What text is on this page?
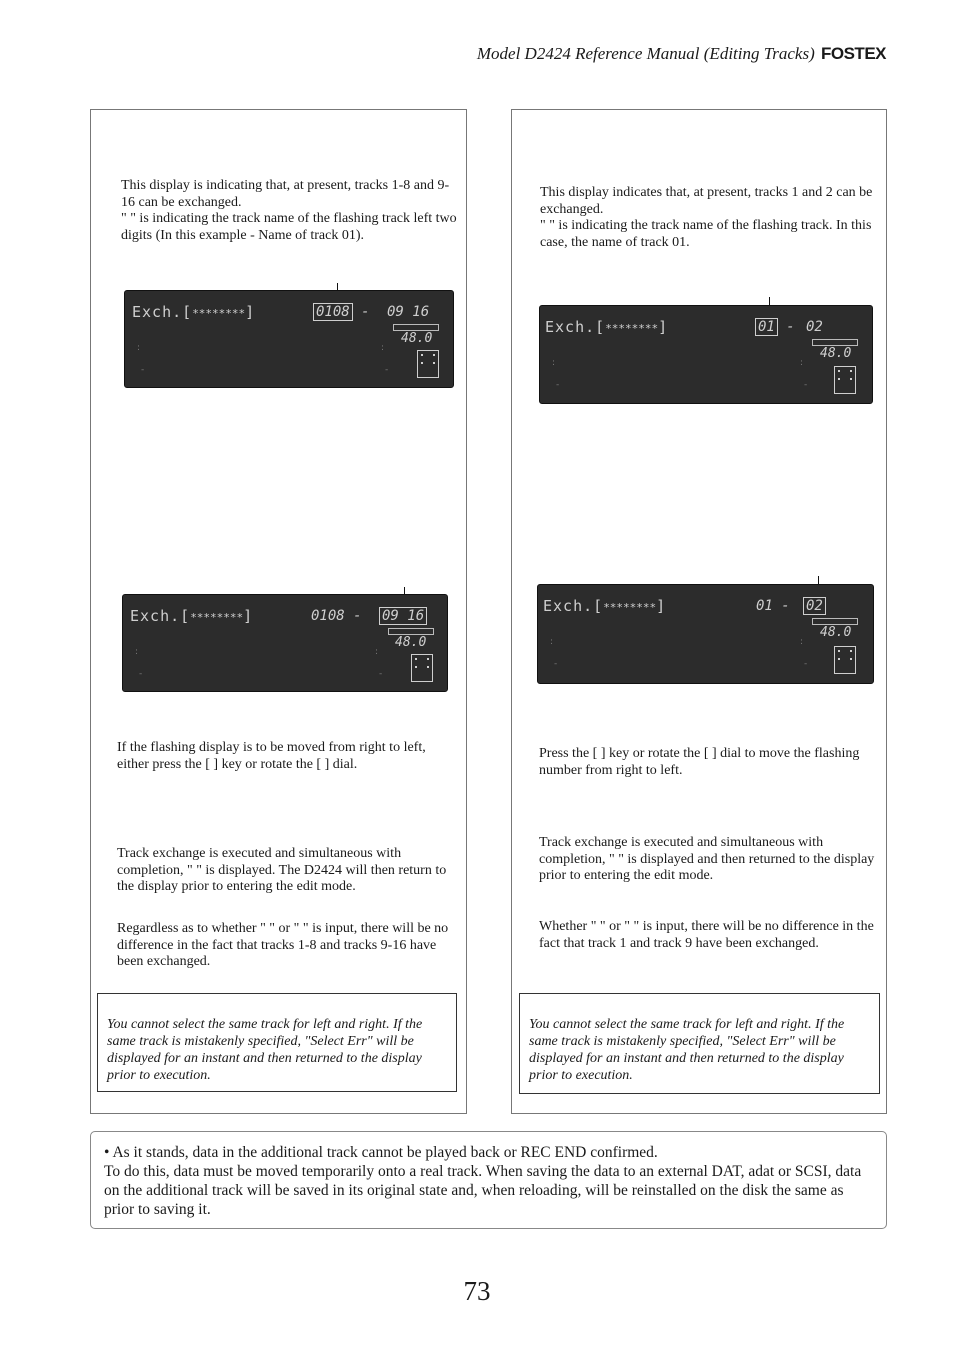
Model D2424 Reference Manual (Editing Tracks) FOSTEX

This display is indicating that, at present, tracks 1-8 and 9-16 can be exchanged.

" " is indicating the track name of the flashing track left two digits (In this example - Name of track 01).

Exch.[********]	0108 - 09 16
48.0
:	:
-	-
Exch.[********]	0108 - 09 16
48.0
:	:
-	-

If the flashing display is to be moved from right to left, either press the [ ] key or rotate the [ ] dial.

Track exchange is executed and simultaneous with completion, " " is displayed. The D2424 will then return to the display prior to entering the edit mode.

Regardless as to whether " " or " " is input, there will be no difference in the fact that tracks 1-8 and tracks 9-16 have been exchanged.

You cannot select the same track for left and right. If the same track is mistakenly specified, "Select Err" will be displayed for an instant and then returned to the display prior to execution.

This display indicates that, at present, tracks 1 and 2 can be exchanged.

" " is indicating the track name of the flashing track. In this case, the name of track 01.

Exch.[********]	01 - 02
48.0
:	:
-	-
Exch.[********]	01 - 02
48.0
:	:
-	-

Press the [ ] key or rotate the [ ] dial to move the flashing number from right to left.

Track exchange is executed and simultaneous with completion, " " is displayed and then returned to the display prior to entering the edit mode.

Whether " " or " " is input, there will be no difference in the fact that track 1 and track 9 have been exchanged.

You cannot select the same track for left and right. If the same track is mistakenly specified, "Select Err" will be displayed for an instant and then returned to the display prior to execution.

• As it stands, data in the additional track cannot be played back or REC END confirmed.
To do this, data must be moved temporarily onto a real track. When saving the data to an external DAT, adat or SCSI, data on the additional track will be saved in its original state and, when reloading, will be reinstalled on the disk the same as prior to saving it.

73
